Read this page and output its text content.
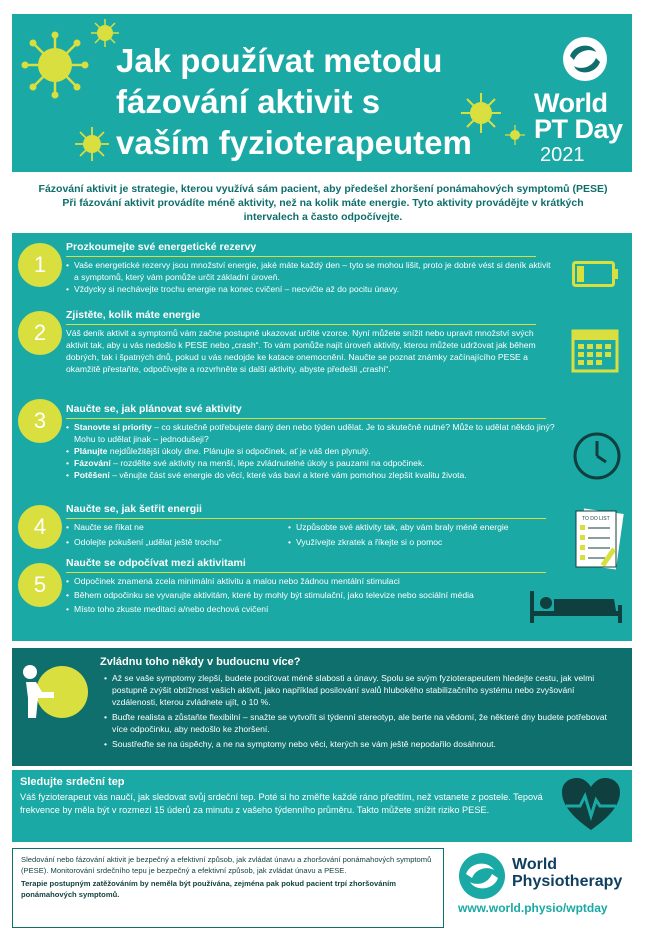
Jak používat metodu
fázování aktivit s
vaším fyzioterapeutem
World
PT Day
2021
Fázování aktivit je strategie, kterou využívá sám pacient, aby předešel zhoršení ponámahových symptomů (PESE)
Při fázování aktivit provádíte méně aktivity, než na kolik máte energie. Tyto aktivity provádějte v krátkých
intervalech a často odpočívejte.
1
Prozkoumejte své energetické rezervy
• Vaše energetické rezervy jsou množství energie, jaké máte každý den – tyto se mohou lišit, proto je dobré vést si deník aktivit a symptomů, který vám pomůže určit základní úroveň.
• Vždycky si nechávejte trochu energie na konec cvičení – necvičte až do pocitu únavy.
2
Zjistěte, kolik máte energie
Váš deník aktivit a symptomů vám začne postupně ukazovat určité vzorce. Nyní můžete snížit nebo upravit množství svých aktivit tak, aby u vás nedošlo k PESE nebo „crash“. To vám pomůže najít úroveň aktivity, kterou můžete udržovat jak během dobrých, tak i špatných dnů, pokud u vás nedojde ke katace onemocnění. Naučte se poznat známky začínajícího PESE a okamžitě přestaňte, odpočívejte a rozvrhněte si další aktivity, abyste předešli „crashi“.
3	Naučte se, jak plánovat své aktivity
• Stanovte si priority – co skutečně potřebujete daný den nebo týden udělat. Je to skutečně nutné? Může to udělat někdo jiný? Mohu to udělat jinak – jednodušeji?
• Plánujte nejdůležitější úkoly dne. Plánujte si odpočinek, ať je váš den plynulý.
• Fázování – rozdělte své aktivity na menší, lépe zvládnutelné úkoly s pauzami na odpočinek.
• Potěšení – věnujte část své energie do věcí, které vás baví a které vám pomohou zlepšit kvalitu života.
4
Naučte se, jak šetřit energii
• Naučte se říkat ne
• Odolejte pokušení „udělat ještě trochu“
• Uzpůsobte své aktivity tak, aby vám braly méně energie
• Využívejte zkratek a říkejte si o pomoc
TO DO LIST
5
Naučte se odpočívat mezi aktivitami
• Odpočinek znamená zcela minimální aktivitu a malou nebo žádnou mentální stimulaci
• Během odpočinku se vyvarujte aktivitám, které by mohly být stimulační, jako televize nebo sociální média
• Místo toho zkuste meditaci a/nebo dechová cvičení
Zvládnu toho někdy v budoucnu více?
• Až se vaše symptomy zlepší, budete pociťovat méně slabosti a únavy. Spolu se svým fyzioterapeutem hledejte cestu, jak velmi postupně zvýšit obtížnost vašich aktivit, jako například posilování svalů hlubokého stabilizačního systému nebo zvyšování vzdálenosti, kterou zvládnete ujít, o 10 %.
• Buďte realista a zůstaňte flexibilní – snažte se vytvořit si týdenní stereotyp, ale berte na vědomí, že některé dny budete potřebovat více odpočinku, aby nedošlo ke zhoršení.
• Soustřeďte se na úspěchy, a ne na symptomy nebo věci, kterých se vám ještě nepodařilo dosáhnout.
Sledujte srdeční tep
Váš fyzioterapeut vás naučí, jak sledovat svůj srdeční tep. Poté si ho změřte každé ráno předtím, než vstanete z postele. Tepová frekvence by měla být v rozmezí 15 úderů za minutu z vašeho týdenního průměru. Takto můžete snížit riziko PESE.

Sledování nebo fázování aktivit je bezpečný a efektivní způsob, jak zvládat únavu a zhoršování ponámahových symptomů (PESE). Monitorování srdečního tepu je bezpečný a efektivní způsob, jak zvládat únavu a PESE.

Terapie postupným zatěžováním by neměla být používána, zejména pak pokud pacient trpí zhoršováním ponámahových symptomů.

World
Physiotherapy
www.world.physio/wptday
